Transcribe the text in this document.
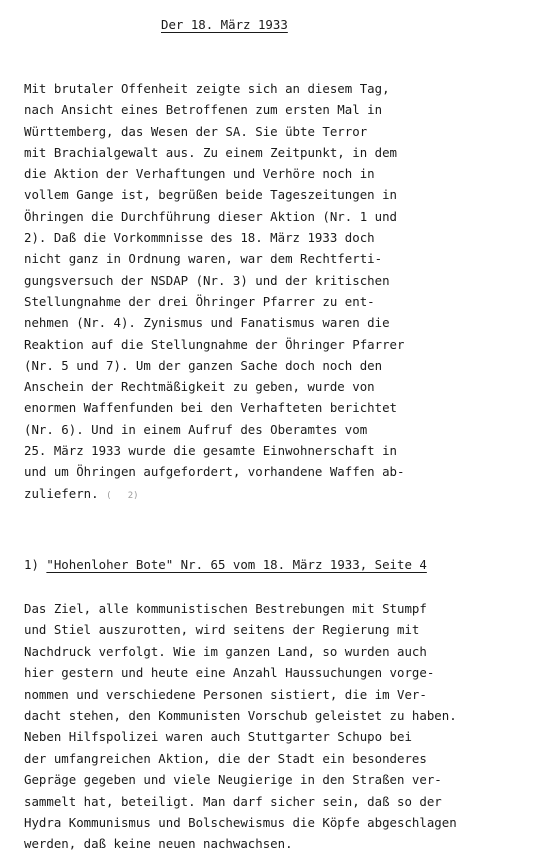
Der 18. März 1933
Mit brutaler Offenheit zeigte sich an diesem Tag,
nach Ansicht eines Betroffenen zum ersten Mal in
Württemberg, das Wesen der SA. Sie übte Terror
mit Brachialgewalt aus. Zu einem Zeitpunkt, in dem
die Aktion der Verhaftungen und Verhöre noch in
vollem Gange ist, begrüßen beide Tageszeitungen in
Öhringen die Durchführung dieser Aktion (Nr. 1 und
2). Daß die Vorkommnisse des 18. März 1933 doch
nicht ganz in Ordnung waren, war dem Rechtferti-
gungsversuch der NSDAP (Nr. 3) und der kritischen
Stellungnahme der drei Öhringer Pfarrer zu ent-
nehmen (Nr. 4). Zynismus und Fanatismus waren die
Reaktion auf die Stellungnahme der Öhringer Pfarrer
(Nr. 5 und 7). Um der ganzen Sache doch noch den
Anschein der Rechtmäßigkeit zu geben, wurde von
enormen Waffenfunden bei den Verhafteten berichtet
(Nr. 6). Und in einem Aufruf des Oberamtes vom
25. März 1933 wurde die gesamte Einwohnerschaft in
und um Öhringen aufgefordert, vorhandene Waffen ab-
zuliefern. (   2)
1) "Hohenloher Bote" Nr. 65 vom 18. März 1933, Seite 4
Das Ziel, alle kommunistischen Bestrebungen mit Stumpf
und Stiel auszurotten, wird seitens der Regierung mit
Nachdruck verfolgt. Wie im ganzen Land, so wurden auch
hier gestern und heute eine Anzahl Haussuchungen vorge-
nommen und verschiedene Personen sistiert, die im Ver-
dacht stehen, den Kommunisten Vorschub geleistet zu haben.
Neben Hilfspolizei waren auch Stuttgarter Schupo bei
der umfangreichen Aktion, die der Stadt ein besonderes
Gepräge gegeben und viele Neugierige in den Straßen ver-
sammelt hat, beteiligt. Man darf sicher sein, daß so der
Hydra Kommunismus und Bolschewismus die Köpfe abgeschlagen
werden, daß keine neuen nachwachsen.
